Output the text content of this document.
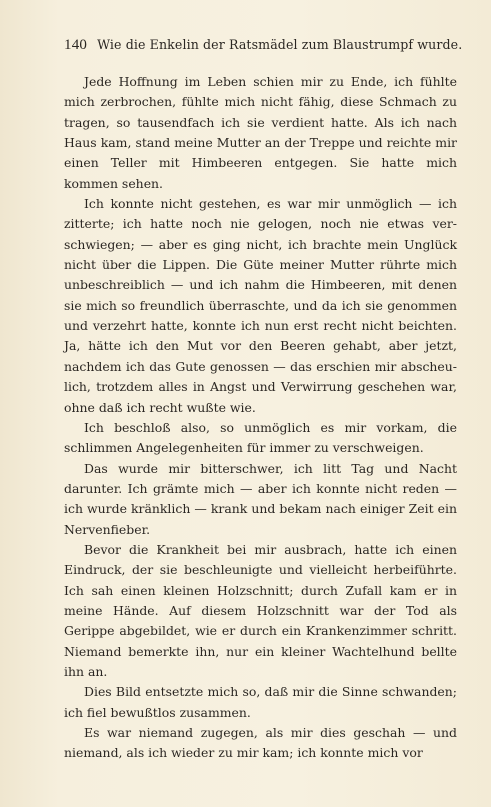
140 Wie die Enkelin der Ratsmädel zum Blaustrumpf wurde.

Jede Hoffnung im Leben schien mir zu Ende, ich fühlte mich zerbrochen, fühlte mich nicht fähig, diese Schmach zu tragen, so tausendfach ich sie verdient hatte. Als ich nach Haus kam, stand meine Mutter an der Treppe und reichte mir einen Teller mit Himbeeren entgegen. Sie hatte mich kommen sehen.

Ich konnte nicht gestehen, es war mir unmöglich — ich zitterte; ich hatte noch nie gelogen, noch nie etwas verschwiegen; — aber es ging nicht, ich brachte mein Unglück nicht über die Lippen. Die Güte meiner Mutter rührte mich unbeschreiblich — und ich nahm die Himbeeren, mit denen sie mich so freundlich überraschte, und da ich sie genommen und verzehrt hatte, konnte ich nun erst recht nicht beichten. Ja, hätte ich den Mut vor den Beeren gehabt, aber jetzt, nachdem ich das Gute genossen — das erschien mir abscheulich, trotzdem alles in Angst und Verwirrung geschehen war, ohne daß ich recht wußte wie.

Ich beschloß also, so unmöglich es mir vorkam, die schlimmen Angelegenheiten für immer zu verschweigen.

Das wurde mir bitterschwer, ich litt Tag und Nacht darunter. Ich grämte mich — aber ich konnte nicht reden — ich wurde kränklich — krank und bekam nach einiger Zeit ein Nervenfieber.

Bevor die Krankheit bei mir ausbrach, hatte ich einen Eindruck, der sie beschleunigte und vielleicht herbeiführte. Ich sah einen kleinen Holzschnitt; durch Zufall kam er in meine Hände. Auf diesem Holzschnitt war der Tod als Gerippe abgebildet, wie er durch ein Krankenzimmer schritt. Niemand bemerkte ihn, nur ein kleiner Wachtelhund bellte ihn an.

Dies Bild entsetzte mich so, daß mir die Sinne schwanden; ich fiel bewußtlos zusammen.

Es war niemand zugegen, als mir dies geschah — und niemand, als ich wieder zu mir kam; ich konnte mich vor
